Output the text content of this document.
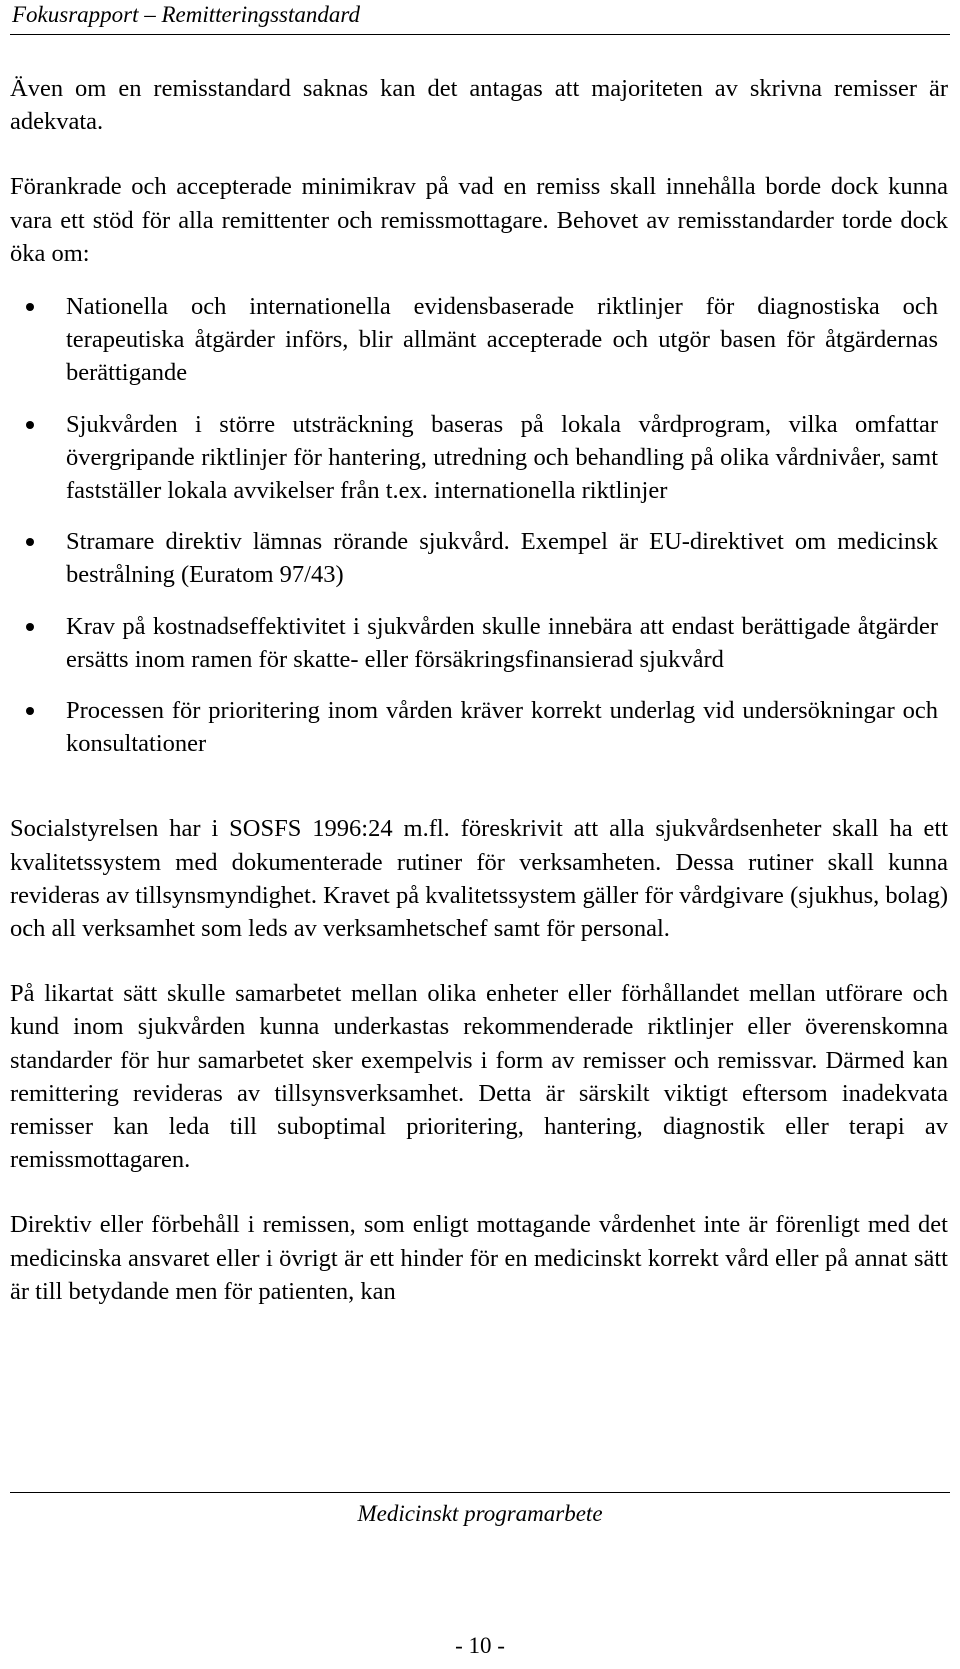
Fokusrapport – Remitteringsstandard

Även om en remisstandard saknas kan det antagas att majoriteten av skrivna remisser är adekvata.

Förankrade och accepterade minimikrav på vad en remiss skall innehålla borde dock kunna vara ett stöd för alla remittenter och remissmottagare. Behovet av remisstandarder torde dock öka om:

Nationella och internationella evidensbaserade riktlinjer för diagnostiska och terapeutiska åtgärder införs, blir allmänt accepterade och utgör basen för åtgärdernas berättigande
Sjukvården i större utsträckning baseras på lokala vårdprogram, vilka omfattar övergripande riktlinjer för hantering, utredning och behandling på olika vårdnivåer, samt fastställer lokala avvikelser från t.ex. internationella riktlinjer
Stramare direktiv lämnas rörande sjukvård. Exempel är EU-direktivet om medicinsk bestrålning (Euratom 97/43)
Krav på kostnadseffektivitet i sjukvården skulle innebära att endast berättigade åtgärder ersätts inom ramen för skatte- eller försäkringsfinansierad sjukvård
Processen för prioritering inom vården kräver korrekt underlag vid undersökningar och konsultationer

Socialstyrelsen har i SOSFS 1996:24 m.fl. föreskrivit att alla sjukvårdsenheter skall ha ett kvalitetssystem med dokumenterade rutiner för verksamheten. Dessa rutiner skall kunna revideras av tillsynsmyndighet. Kravet på kvalitetssystem gäller för vårdgivare (sjukhus, bolag) och all verksamhet som leds av verksamhetschef samt för personal.

På likartat sätt skulle samarbetet mellan olika enheter eller förhållandet mellan utförare och kund inom sjukvården kunna underkastas rekommenderade riktlinjer eller överenskomna standarder för hur samarbetet sker exempelvis i form av remisser och remissvar. Därmed kan remittering revideras av tillsynsverksamhet. Detta är särskilt viktigt eftersom inadekvata remisser kan leda till suboptimal prioritering, hantering, diagnostik eller terapi av remissmottagaren.

Direktiv eller förbehåll i remissen, som enligt mottagande vårdenhet inte är förenligt med det medicinska ansvaret eller i övrigt är ett hinder för en medicinskt korrekt vård eller på annat sätt är till betydande men för patienten, kan

Medicinskt programarbete
- 10 -
